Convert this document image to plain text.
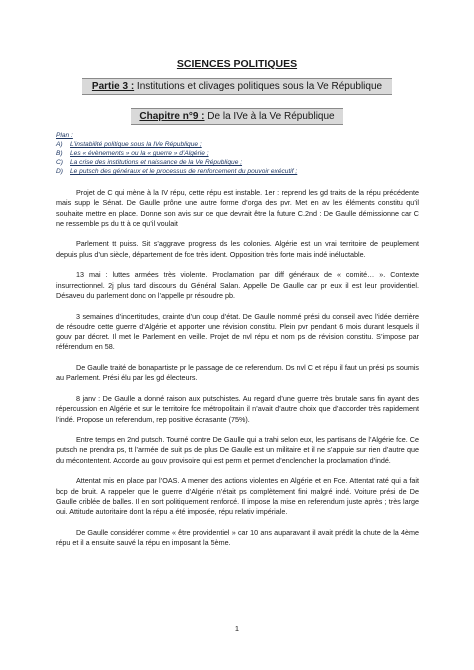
SCIENCES POLITIQUES
Partie 3 : Institutions et clivages politiques sous la Ve République
Chapitre n°9 : De la IVe à la Ve République
Plan :
A)	L’instabilité politique sous la IVe République ;
B)	Les « évènements » ou la « guerre » d’Algérie ;
C)	La crise des institutions et naissance de la Ve République ;
D)	Le putsch des généraux et le processus de renforcement du pouvoir exécutif ;

Projet de C qui mène à la IV répu, cette répu est instable. 1er : reprend les gd traits de la répu précédente mais supp le Sénat. De Gaulle prône une autre forme d’orga des pvr. Met en av les éléments constitu qu’il souhaite mettre en place. Donne son avis sur ce que devrait être la future C.2nd : De Gaulle démissionne car C ne ressemble ps du tt à ce qu’il voulait

Parlement tt puiss. Sit s’aggrave progress ds les colonies. Algérie est un vrai territoire de peuplement depuis plus d’un siècle, département de fce très ident. Opposition très forte mais indé inéluctable.

13 mai : luttes armées très violente. Proclamation par diff généraux de « comité… ». Contexte insurrectionnel. 2j plus tard discours du Général Salan. Appelle De Gaulle car pr eux il est leur providentiel. Désaveu du parlement donc on l’appelle pr résoudre pb.

3 semaines d’incertitudes, crainte d’un coup d’état. De Gaulle nommé prési du conseil avec l’idée derrière de résoudre cette guerre d’Algérie et apporter une révision constitu. Plein pvr pendant 6 mois durant lesquels il gouv par décret. Il met le Parlement en veille. Projet de nvl répu et nom ps de révision constitu. S’impose par référendum en 58.

De Gaulle traité de bonapartiste pr le passage de ce referendum. Ds nvl C et répu il faut un prési ps soumis au Parlement. Prési élu par les gd électeurs.

8 janv : De Gaulle a donné raison aux putschistes. Au regard d’une guerre très brutale sans fin ayant des répercussion en Algérie et sur le territoire fce métropolitain il n’avait d’autre choix que d’accorder très rapidement l’indé. Propose un referendum, rep positive écrasante (75%).

Entre temps en 2nd putsch. Tourné contre De Gaulle qui a trahi selon eux, les partisans de l’Algérie fce. Ce putsch ne prendra ps, tt l’armée de suit ps de plus De Gaulle est un militaire et il ne s’appuie sur rien d’autre que du mécontentent. Accorde au gouv provisoire qui est perm et permet d’enclencher la proclamation d’indé.

Attentat mis en place par l’OAS. A mener des actions violentes en Algérie et en Fce. Attentat raté qui a fait bcp de bruit. A rappeler que le guerre d’Algérie n’était ps complètement fini malgré indé. Voiture prési de De Gaulle criblée de balles. Il en sort politiquement renforcé. Il impose la mise en referendum juste après ; très large oui. Attitude autoritaire dont la répu a été imposée, répu relativ impériale.

De Gaulle considérer comme « être providentiel » car 10 ans auparavant il avait prédit la chute de la 4ème répu et il a ensuite sauvé la répu en imposant la 5ème.

1
